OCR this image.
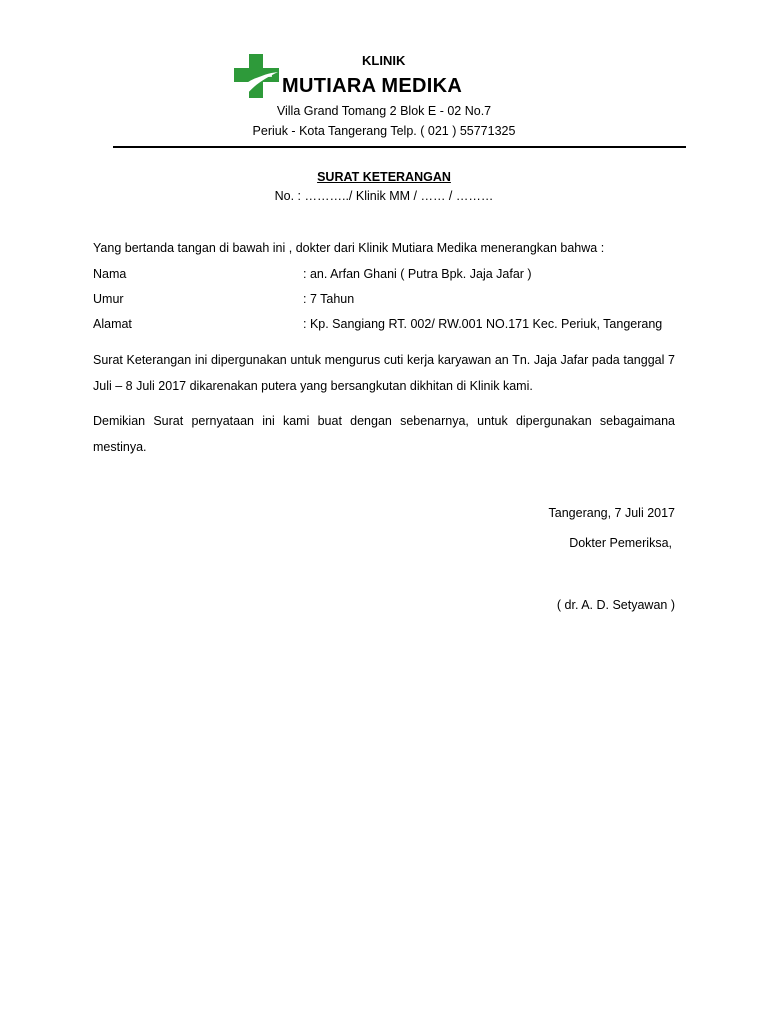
KLINIK
MUTIARA MEDIKA
Villa Grand Tomang 2 Blok E - 02 No.7
Periuk - Kota Tangerang Telp. ( 021 ) 55771325
SURAT KETERANGAN
No. : ………../ Klinik MM / …… / ………
Yang bertanda tangan di bawah ini , dokter dari Klinik Mutiara Medika menerangkan bahwa :
Nama	: an. Arfan Ghani ( Putra Bpk. Jaja Jafar )
Umur	: 7 Tahun
Alamat	: Kp. Sangiang RT. 002/ RW.001 NO.171 Kec. Periuk, Tangerang
Surat Keterangan ini dipergunakan untuk mengurus cuti kerja karyawan an Tn. Jaja Jafar pada tanggal 7 Juli – 8 Juli 2017 dikarenakan putera yang bersangkutan dikhitan di Klinik kami.
Demikian Surat pernyataan ini kami buat dengan sebenarnya, untuk dipergunakan sebagaimana mestinya.
Tangerang, 7 Juli 2017
Dokter Pemeriksa,
( dr. A. D. Setyawan )
